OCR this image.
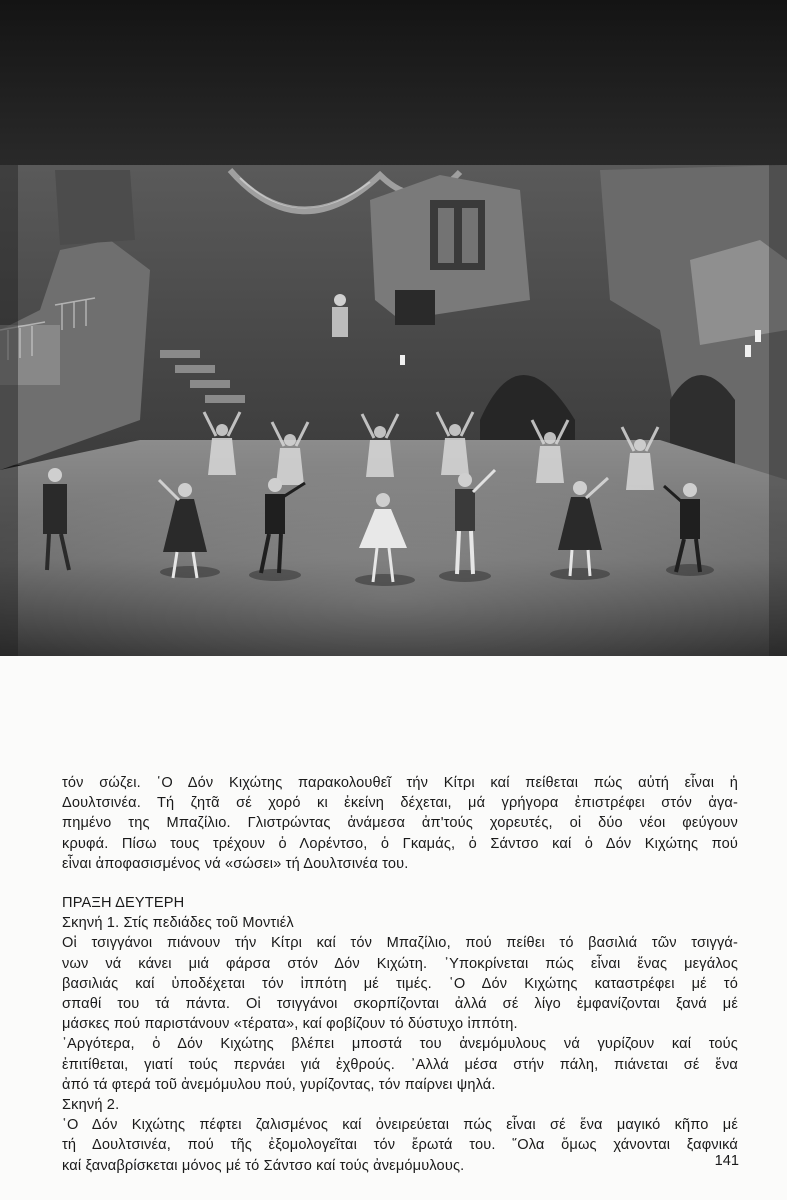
τόν σώζει. ῾Ο Δόν Κιχώτης παρακολουθεῖ τήν Κίτρι καί πείθεται πώς αὐτή εἶναι ἡ
Δουλτσινέα. Τή ζητᾶ σέ χορό κι ἐκείνη δέχεται, μά γρήγορα ἐπιστρέφει στόν ἀγα-
πημένο της Μπαζίλιο. Γλιστρώντας ἀνάμεσα ἀπ'τούς χορευτές, οἱ δύο νέοι φεύγουν
κρυφά. Πίσω τους τρέχουν ὁ Λορέντσο, ὁ Γκαμάς, ὁ Σάντσο καί ὁ Δόν Κιχώτης πού
εἶναι ἀποφασισμένος νά «σώσει» τή Δουλτσινέα του.
ΠΡΑΞΗ ΔΕΥΤΕΡΗ
Σκηνή 1. Στίς πεδιάδες τοῦ Μοντιέλ
Οἱ τσιγγάνοι πιάνουν τήν Κίτρι καί τόν Μπαζίλιο, πού πείθει τό βασιλιά τῶν τσιγγά-
νων νά κάνει μιά φάρσα στόν Δόν Κιχώτη. ᾿Υποκρίνεται πώς εἶναι ἕνας μεγάλος
βασιλιάς καί ὑποδέχεται τόν ἱππότη μέ τιμές. ῾Ο Δόν Κιχώτης καταστρέφει μέ τό
σπαθί του τά πάντα. Οἱ τσιγγάνοι σκορπίζονται ἀλλά σέ λίγο ἐμφανίζονται ξανά μέ
μάσκες πού παριστάνουν «τέρατα», καί φοβίζουν τό δύστυχο ἱππότη.
᾿Αργότερα, ὁ Δόν Κιχώτης βλέπει μποστά του ἀνεμόμυλους νά γυρίζουν καί τούς
ἐπιτίθεται, γιατί τούς περνάει γιά ἐχθρούς. ᾿Αλλά μέσα στήν πάλη, πιάνεται σέ ἕνα
ἀπό τά φτερά τοῦ ἀνεμόμυλου πού, γυρίζοντας, τόν παίρνει ψηλά.
Σκηνή 2.
῾Ο Δόν Κιχώτης πέφτει ζαλισμένος καί ὀνειρεύεται πώς εἶναι σέ ἕνα μαγικό κῆπο μέ
τή Δουλτσινέα, πού τῆς ἐξομολογεῖται τόν ἔρωτά του. ῞Ολα ὅμως χάνονται ξαφνικά
καί ξαναβρίσκεται μόνος μέ τό Σάντσο καί τούς ἀνεμόμυλους.	141
